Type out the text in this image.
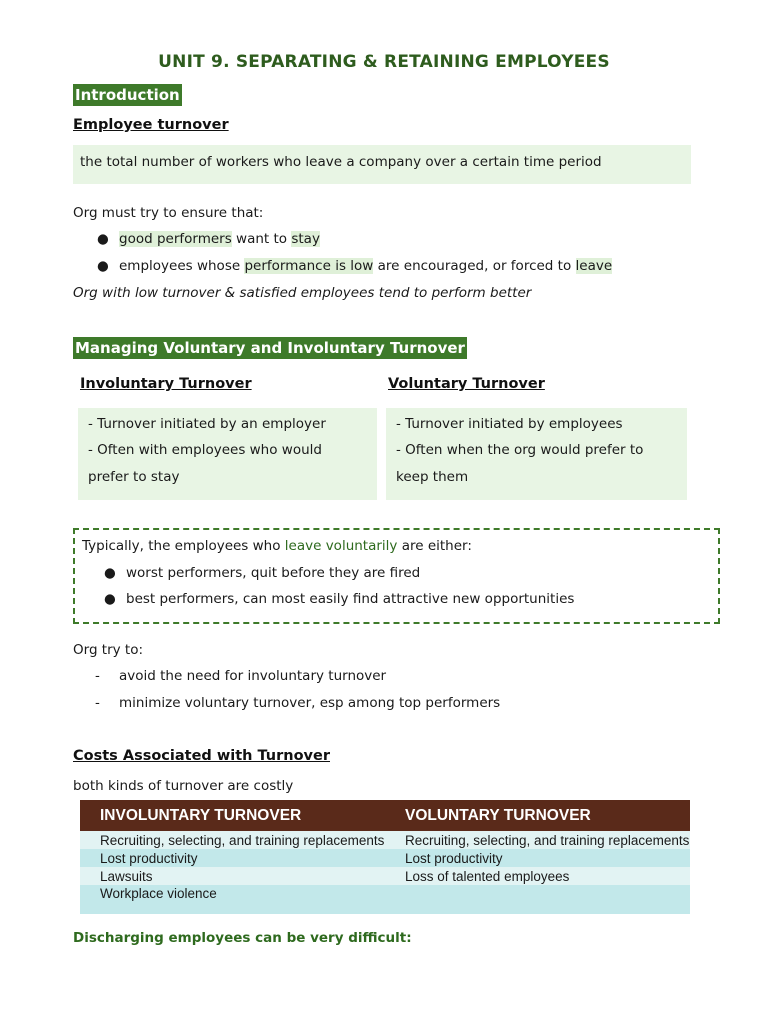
UNIT 9. SEPARATING & RETAINING EMPLOYEES
Introduction
Employee turnover
the total number of workers who leave a company over a certain time period
Org must try to ensure that:
● good performers want to stay
● employees whose performance is low are encouraged, or forced to leave
Org with low turnover & satisfied employees tend to perform better
Managing Voluntary and Involuntary Turnover
Involuntary Turnover	Voluntary Turnover
- Turnover initiated by an employer
- Often with employees who would
prefer to stay
- Turnover initiated by employees
- Often when the org would prefer to
keep them
Typically, the employees who leave voluntarily are either:
● worst performers, quit before they are fired
● best performers, can most easily find attractive new opportunities
Org try to:
- avoid the need for involuntary turnover
- minimize voluntary turnover, esp among top performers
Costs Associated with Turnover
both kinds of turnover are costly
INVOLUNTARY TURNOVER	VOLUNTARY TURNOVER
Recruiting, selecting, and training replacements	Recruiting, selecting, and training replacements
Lost productivity	Lost productivity
Lawsuits	Loss of talented employees
Workplace violence
Discharging employees can be very difficult:
